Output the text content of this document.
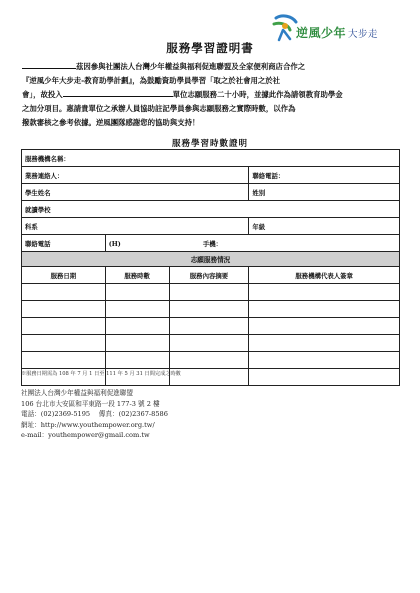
逆風少年 大步走
服務學習證明書
茲因參與社團法人台灣少年權益與福利促進聯盟及全家便利商店合作之
『逆風少年大步走-教育助學計劃』，為鼓勵資助學員學習「取之於社會用之於社
會」，故投入	單位志願服務二十小時，並據此作為請領教育助學金
之加分項目。惠請貴單位之承辦人員協助註記學員參與志願服務之實際時數，以作為
撥款審核之參考依據。逆風團隊感謝您的協助與支持！
服務學習時數證明
服務機構名稱：			
業務連絡人：			聯絡電話：
學生姓名			姓別
就讀學校			
科系			年級
聯絡電話	(H) 手機：		
志願服務情況			
服務日期	服務時數	服務內容摘要	服務機構代表人簽章

※服務日期需為 108 年 7 月 1 日至 111 年 5 月 31 日間完成之時數
社團法人台灣少年權益與福利促進聯盟
106 台北市大安區和平東路一段 177-3 號 2 樓
電話：(02)2369-5195　 傳真：(02)2367-8586
網址：http://www.youthempower.org.tw/
e-mail：youthempower@gmail.com.tw
